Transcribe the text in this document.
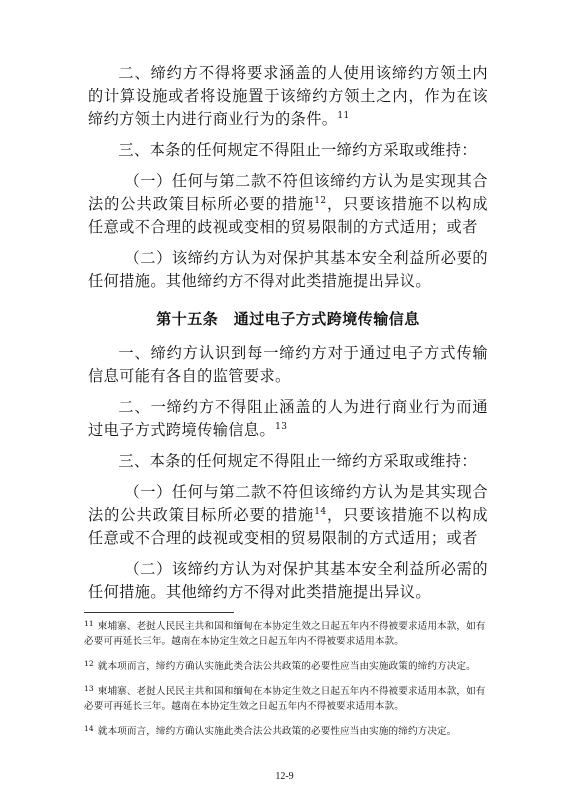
二、缔约方不得将要求涵盖的人使用该缔约方领土内的计算设施或者将设施置于该缔约方领土之内，作为在该缔约方领土内进行商业行为的条件。$^{11}$

三、本条的任何规定不得阻止一缔约方采取或维持：

（一）任何与第二款不符但该缔约方认为是实现其合法的公共政策目标所必要的措施$^{12}$，只要该措施不以构成任意或不合理的歧视或变相的贸易限制的方式适用；或者

（二）该缔约方认为对保护其基本安全利益所必要的任何措施。其他缔约方不得对此类措施提出异议。

第十五条　通过电子方式跨境传输信息

一、缔约方认识到每一缔约方对于通过电子方式传输信息可能有各自的监管要求。

二、一缔约方不得阻止涵盖的人为进行商业行为而通过电子方式跨境传输信息。$^{13}$

三、本条的任何规定不得阻止一缔约方采取或维持：

（一）任何与第二款不符但该缔约方认为是其实现合法的公共政策目标所必要的措施$^{14}$，只要该措施不以构成任意或不合理的歧视或变相的贸易限制的方式适用；或者

（二）该缔约方认为对保护其基本安全利益所必需的任何措施。其他缔约方不得对此类措施提出异议。

$^{11}$ 柬埔寨、老挝人民民主共和国和缅甸在本协定生效之日起五年内不得被要求适用本款，如有必要可再延长三年。越南在本协定生效之日起五年内不得被要求适用本款。

$^{12}$ 就本项而言，缔约方确认实施此类合法公共政策的必要性应当由实施政策的缔约方决定。

$^{13}$ 柬埔寨、老挝人民民主共和国和缅甸在本协定生效之日起五年内不得被要求适用本款，如有必要可再延长三年。越南在本协定生效之日起五年内不得被要求适用本款。

$^{14}$ 就本项而言，缔约方确认实施此类合法公共政策的必要性应当由实施的缔约方决定。

12-9
